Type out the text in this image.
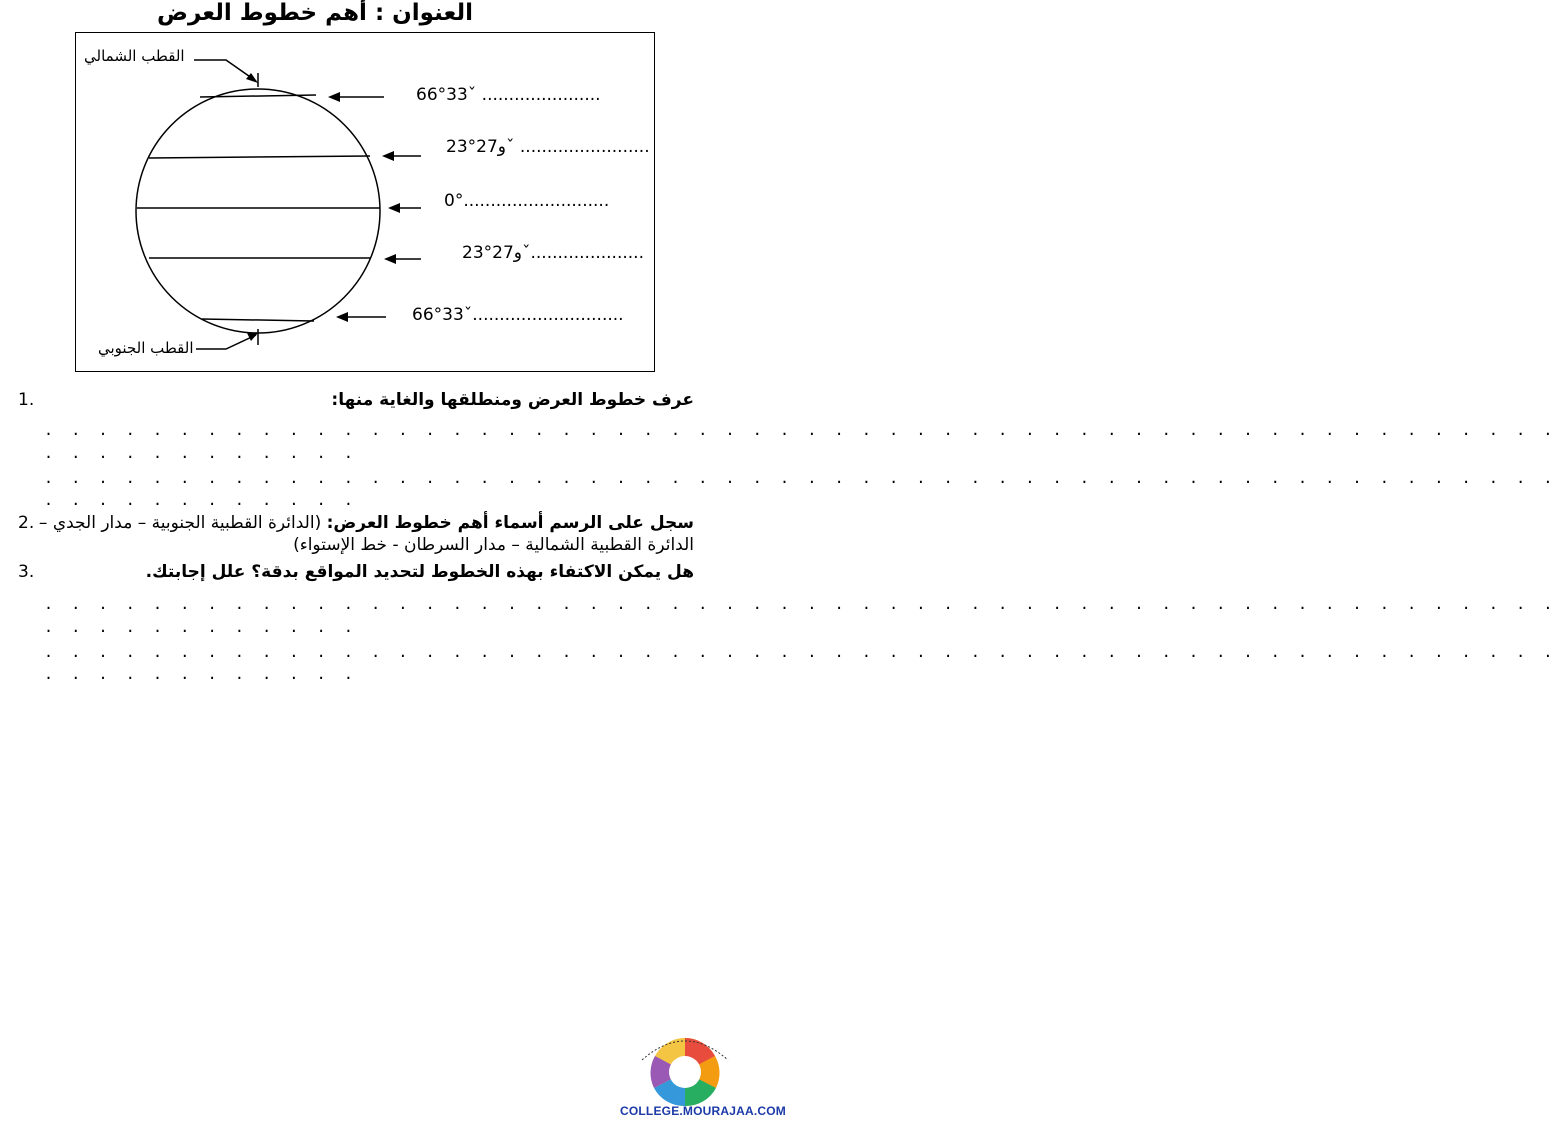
العنوان : أهم خطوط العرض
القطب الشمالي
القطب الجنوبي
66°33ˇ ......................
23°و27ˇ ........................
0°...........................
23°و27ˇ.....................
66°33ˇ............................
1.	عرف خطوط العرض ومنطلقها والغاية منها:
. . . . . . . . . . . . . . . . . . . . . . . . . . . . . . . . . . . . . . . . . . . . . . . . . . . . . . . .
. . . . . . . . . . . .
. . . . . . . . . . . . . . . . . . . . . . . . . . . . . . . . . . . . . . . . . . . . . . . . . . . . . . . .
. . . . . . . . . . . .
2.	سجل على الرسم أسماء أهم خطوط العرض: (الدائرة القطبية الجنوبية – مدار الجدي – الدائرة القطبية الشمالية – مدار السرطان - خط الإستواء)
3.	هل يمكن الاكتفاء بهذه الخطوط لتحديد المواقع بدقة؟ علل إجابتك.
. . . . . . . . . . . . . . . . . . . . . . . . . . . . . . . . . . . . . . . . . . . . . . . . . . . . . . . .
. . . . . . . . . . . .
. . . . . . . . . . . . . . . . . . . . . . . . . . . . . . . . . . . . . . . . . . . . . . . . . . . . . . . .
. . . . . . . . . . . .
COLLEGE.MOURAJAA.COM
